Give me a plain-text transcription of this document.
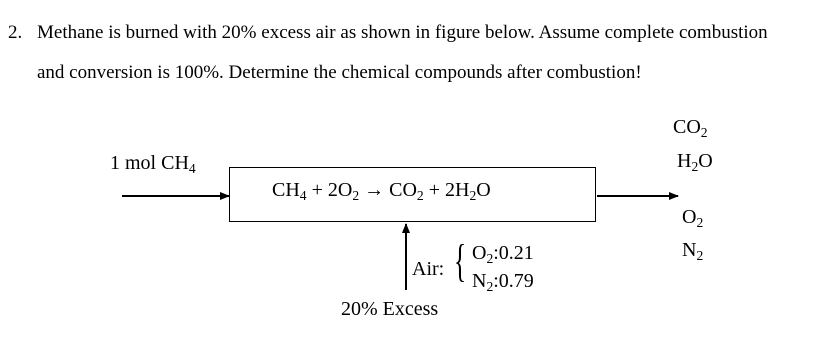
2. Methane is burned with 20% excess air as shown in figure below. Assume complete combustion
and conversion is 100%. Determine the chemical compounds after combustion!
1 mol $CH_4$
$CH_4 + 2O_2 \to CO_2 + 2H_2O$
Air: { $O_2:0.21$
$N_2:0.79$
20% Excess
$CO_2$
$H_2O$
$O_2$
$N_2$
